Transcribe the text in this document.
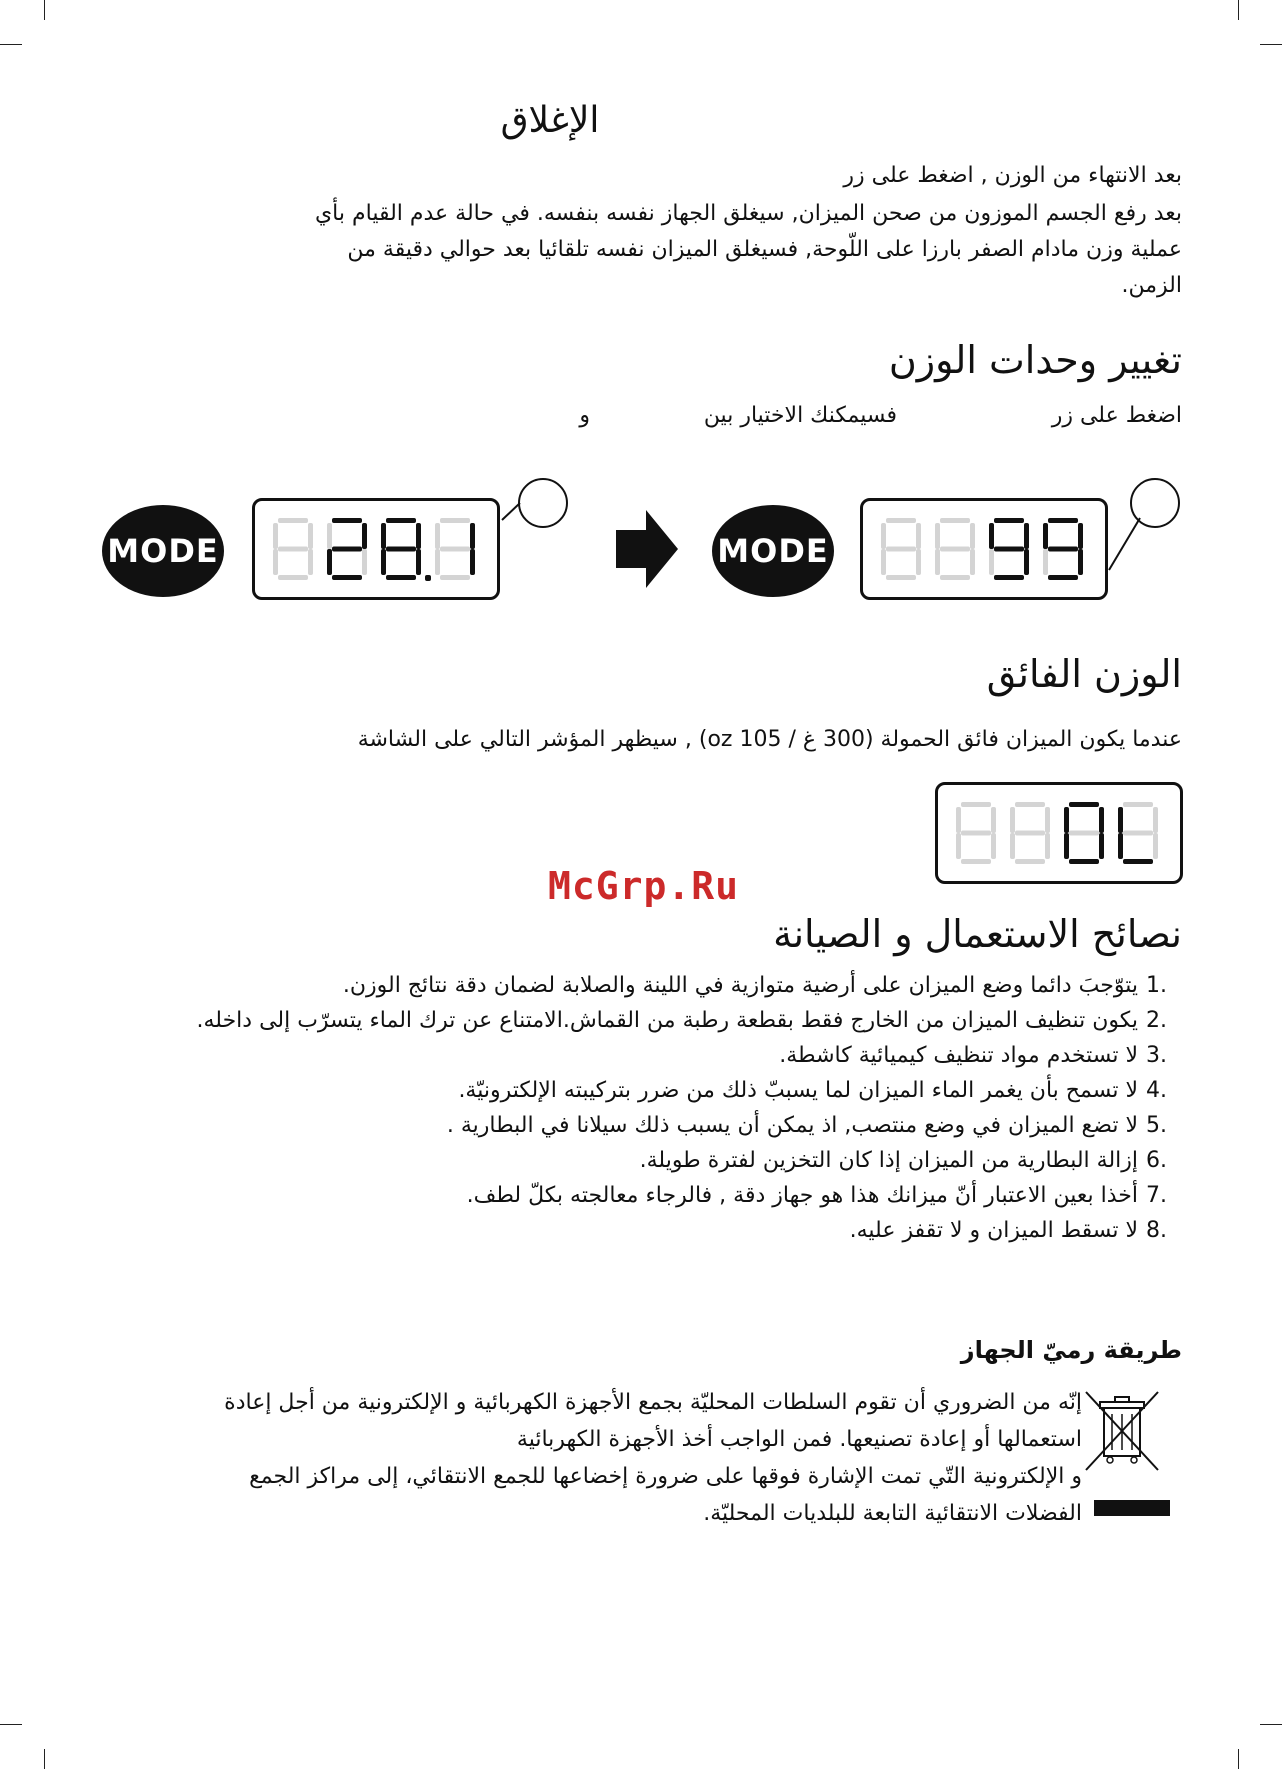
الإغلاق
بعد الانتهاء من الوزن , اضغط على زر
بعد رفع الجسم الموزون من صحن الميزان, سيغلق الجهاز نفسه بنفسه. في حالة عدم القيام بأي عملية وزن مادام الصفر بارزا على اللّوحة, فسيغلق الميزان نفسه تلقائيا بعد حوالي دقيقة من الزمن.
تغيير وحدات الوزن
اضغط على زر
فسيمكنك الاختيار بين
و
MODE	MODE
الوزن الفائق
عندما يكون الميزان فائق الحمولة (300 غ / 105 oz) , سيظهر المؤشر التالي على الشاشة
McGrp.Ru
نصائح الاستعمال و الصيانة
1.
يتوّجبَ دائما وضع الميزان على أرضية متوازية في اللينة والصلابة لضمان دقة نتائج الوزن.
2.
يكون تنظيف الميزان من الخارج فقط بقطعة رطبة من القماش.الامتناع عن ترك الماء يتسرّب إلى داخله.
3.
لا تستخدم مواد تنظيف كيميائية كاشطة.
4.
لا تسمح بأن يغمر الماء الميزان لما يسببّ ذلك من ضرر بتركيبته الإلكترونيّة.
5.
لا تضع الميزان في وضع منتصب, اذ يمكن أن يسبب ذلك سيلانا في البطارية .
6.
إزالة البطارية من الميزان إذا كان التخزين لفترة طويلة.
7.
أخذا بعين الاعتبار أنّ ميزانك هذا هو جهاز دقة , فالرجاء معالجته بكلّ لطف.
8.
لا تسقط الميزان و لا تقفز عليه.
طريقة رميّ الجهاز
إنّه من الضروري أن تقوم السلطات المحليّة بجمع الأجهزة الكهربائية و الإلكترونية من أجل إعادة
استعمالها أو إعادة تصنيعها. فمن الواجب أخذ الأجهزة الكهربائية
و الإلكترونية التّي تمت الإشارة فوقها على ضرورة إخضاعها للجمع الانتقائي، إلى مراكز الجمع
الفضلات الانتقائية التابعة للبلديات المحليّة.
